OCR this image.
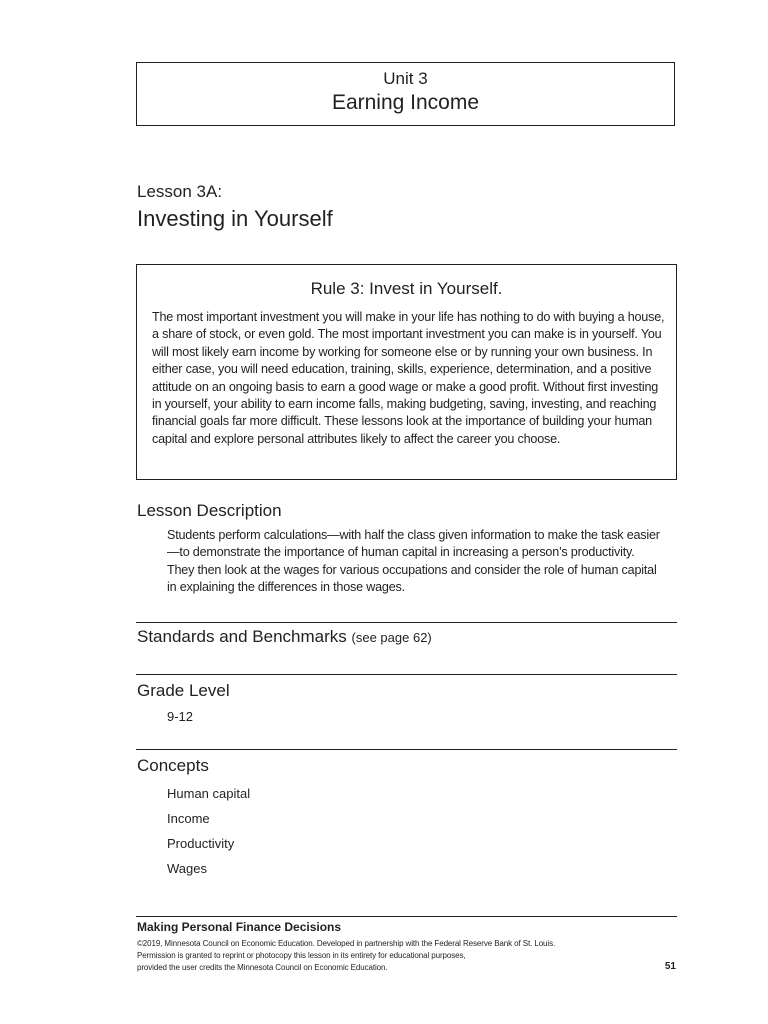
Unit 3
Earning Income
Lesson 3A:
Investing in Yourself
Rule 3: Invest in Yourself.

The most important investment you will make in your life has nothing to do with buying a house, a share of stock, or even gold. The most important investment you can make is in yourself. You will most likely earn income by working for someone else or by running your own business. In either case, you will need education, training, skills, experience, determination, and a positive attitude on an ongoing basis to earn a good wage or make a good profit. Without first investing in yourself, your ability to earn income falls, making budgeting, saving, investing, and reaching financial goals far more difficult. These lessons look at the importance of building your human capital and explore personal attributes likely to affect the career you choose.

Lesson Description

Students perform calculations—with half the class given information to make the task easier—to demonstrate the importance of human capital in increasing a person’s productivity. They then look at the wages for various occupations and consider the role of human capital in explaining the differences in those wages.

Standards and Benchmarks (see page 62)
Grade Level
9-12
Concepts
Human capital
Income
Productivity
Wages
Making Personal Finance Decisions
©2019, Minnesota Council on Economic Education. Developed in partnership with the Federal Reserve Bank of St. Louis.
Permission is granted to reprint or photocopy this lesson in its entirety for educational purposes,
provided the user credits the Minnesota Council on Economic Education.	51
